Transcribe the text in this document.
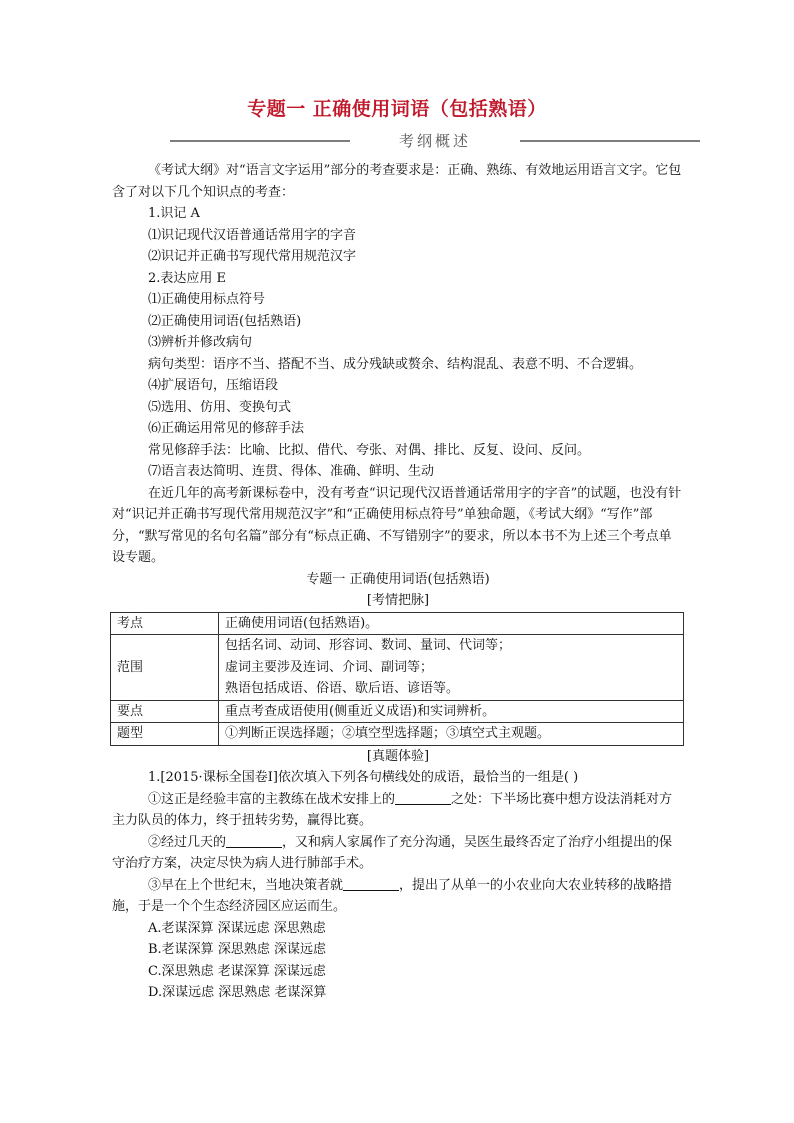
专题一 正确使用词语（包括熟语）
考纲概述

《考试大纲》对“语言文字运用”部分的考查要求是：正确、熟练、有效地运用语言文字。它包含了对以下几个知识点的考查：

1.识记 A

⑴识记现代汉语普通话常用字的字音

⑵识记并正确书写现代常用规范汉字

2.表达应用 E

⑴正确使用标点符号

⑵正确使用词语(包括熟语)

⑶辨析并修改病句

病句类型：语序不当、搭配不当、成分残缺或赘余、结构混乱、表意不明、不合逻辑。

⑷扩展语句，压缩语段

⑸选用、仿用、变换句式

⑹正确运用常见的修辞手法

常见修辞手法：比喻、比拟、借代、夸张、对偶、排比、反复、设问、反问。

⑺语言表达简明、连贯、得体、准确、鲜明、生动

在近几年的高考新课标卷中，没有考查“识记现代汉语普通话常用字的字音”的试题，也没有针对“识记并正确书写现代常用规范汉字”和“正确使用标点符号”单独命题，《考试大纲》“写作”部分，“默写常见的名句名篇”部分有“标点正确、不写错别字”的要求，所以本书不为上述三个考点单设专题。

专题一 正确使用词语(包括熟语)

[考情把脉]

考点	正确使用词语(包括熟语)。

范围	包括名词、动词、形容词、数词、量词、代词等；

虚词主要涉及连词、介词、副词等；

熟语包括成语、俗语、歇后语、谚语等。

要点	重点考查成语使用(侧重近义成语)和实词辨析。

题型	①判断正误选择题；②填空型选择题；③填空式主观题。

[真题体验]

1.[2015·课标全国卷Ⅰ]依次填入下列各句横线处的成语，最恰当的一组是( )

①这正是经验丰富的主教练在战术安排上的	之处：下半场比赛中想方设法消耗对方主力队员的体力，终于扭转劣势，赢得比赛。

②经过几天的	，又和病人家属作了充分沟通，吴医生最终否定了治疗小组提出的保守治疗方案，决定尽快为病人进行肺部手术。

③早在上个世纪末，当地决策者就	，提出了从单一的小农业向大农业转移的战略措施，于是一个个生态经济园区应运而生。

A.老谋深算 深谋远虑 深思熟虑

B.老谋深算 深思熟虑 深谋远虑

C.深思熟虑 老谋深算 深谋远虑

D.深谋远虑 深思熟虑 老谋深算
